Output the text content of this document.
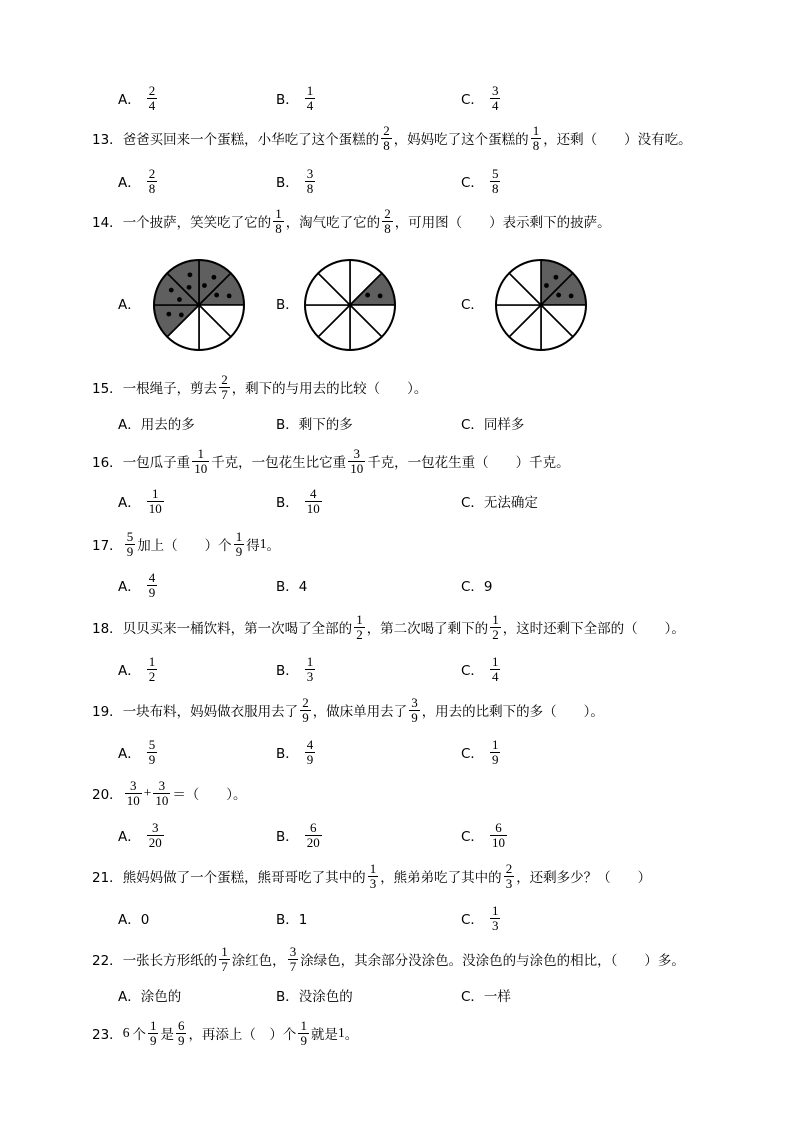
A． $\frac{2}{4}$	B． $\frac{1}{4}$	C． $\frac{3}{4}$
13． 爸爸买回来一个蛋糕，小华吃了这个蛋糕的 $\frac{2}{8}$ ，妈妈吃了这个蛋糕的 $\frac{1}{8}$ ，还剩（　　）没有吃。
A． $\frac{2}{8}$	B． $\frac{3}{8}$	C． $\frac{5}{8}$
14． 一个披萨，笑笑吃了它的 $\frac{1}{8}$ ，淘气吃了它的 $\frac{2}{8}$ ，可用图（　　）表示剩下的披萨。
A．	B．	C．
15． 一根绳子，剪去 $\frac{2}{7}$ ，剩下的与用去的比较（　　）。
A．用去的多	B．剩下的多	C．同样多
16． 一包瓜子重 $\frac{1}{10}$ 千克，一包花生比它重 $\frac{3}{10}$ 千克，一包花生重（　　）千克。
A． $\frac{1}{10}$	B． $\frac{4}{10}$	C．无法确定
17． $\frac{5}{9}$ 加上（　　）个 $\frac{1}{9}$ 得 1 。
A． $\frac{4}{9}$	B．4	C．9
18． 贝贝买来一桶饮料，第一次喝了全部的 $\frac{1}{2}$ ，第二次喝了剩下的 $\frac{1}{2}$ ，这时还剩下全部的（　　）。
A． $\frac{1}{2}$	B． $\frac{1}{3}$	C． $\frac{1}{4}$
19． 一块布料，妈妈做衣服用去了 $\frac{2}{9}$ ，做床单用去了 $\frac{3}{9}$ ，用去的比剩下的多（　　）。
A． $\frac{5}{9}$	B． $\frac{4}{9}$	C． $\frac{1}{9}$
20． $\frac{3}{10} + \frac{3}{10}$ ＝（　　）。
A． $\frac{3}{20}$	B． $\frac{6}{20}$	C． $\frac{6}{10}$
21． 熊妈妈做了一个蛋糕，熊哥哥吃了其中的 $\frac{1}{3}$ ，熊弟弟吃了其中的 $\frac{2}{3}$ ，还剩多少？（　　）
A．0	B．1	C． $\frac{1}{3}$
22． 一张长方形纸的 $\frac{1}{7}$ 涂红色， $\frac{3}{7}$ 涂绿色，其余部分没涂色。没涂色的与涂色的相比，（　　）多。
A．涂色的	B．没涂色的	C．一样
23． 6 个 $\frac{1}{9}$ 是 $\frac{6}{9}$ ，再添上（　）个 $\frac{1}{9}$ 就是 1 。
